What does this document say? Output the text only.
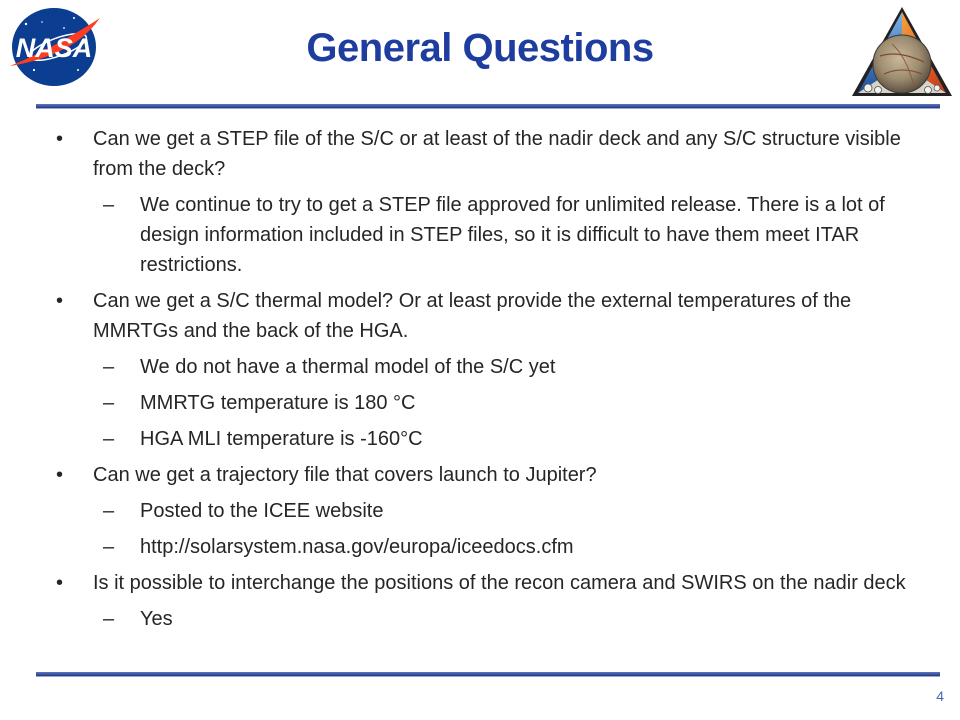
NASA	General Questions
•	Can we get a STEP file of the S/C or at least of the nadir deck and any S/C structure visible from the deck?
–	We continue to try to get a STEP file approved for unlimited release. There is a lot of design information included in STEP files, so it is difficult to have them meet ITAR restrictions.
•	Can we get a S/C thermal model? Or at least provide the external temperatures of the MMRTGs and the back of the HGA.
–	We do not have a thermal model of the S/C yet
–	MMRTG temperature is 180 °C
–	HGA MLI temperature is -160°C
•	Can we get a trajectory file that covers launch to Jupiter?
–	Posted to the ICEE website
–	http://solarsystem.nasa.gov/europa/iceedocs.cfm
•	Is it possible to interchange the positions of the recon camera and SWIRS on the nadir deck
–	Yes
4
